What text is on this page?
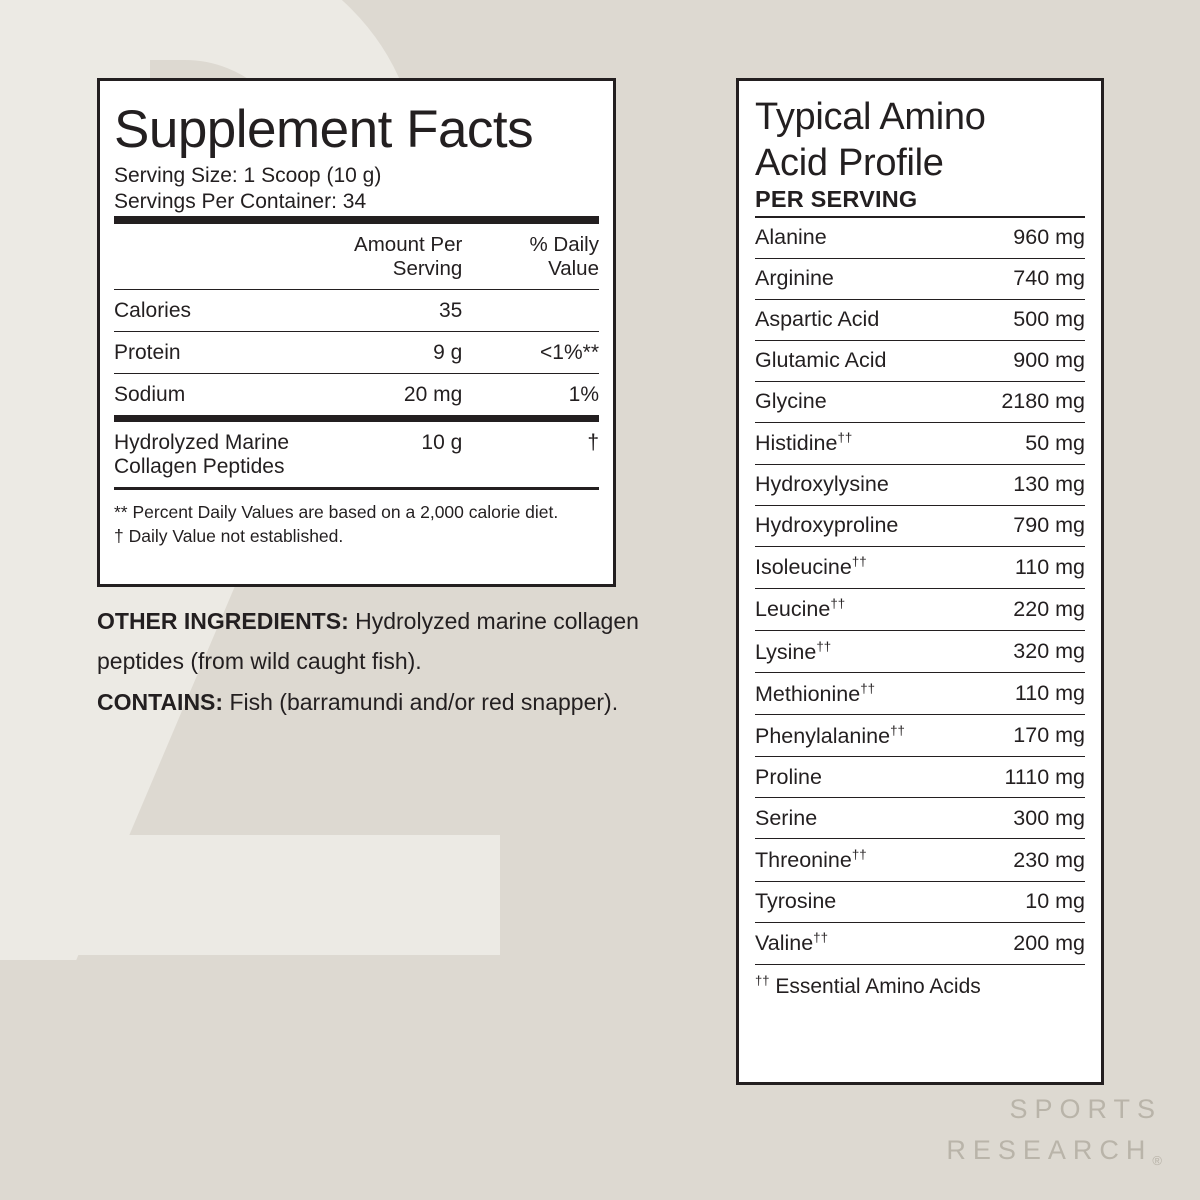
Supplement Facts
Serving Size: 1 Scoop (10 g)
Servings Per Container: 34
	Amount Per Serving	% Daily Value
Calories	35	
Protein	9 g	<1%**
Sodium	20 mg	1%
Hydrolyzed Marine
Collagen Peptides	10 g	†
** Percent Daily Values are based on a 2,000 calorie diet.
† Daily Value not established.

OTHER INGREDIENTS: Hydrolyzed marine collagen peptides (from wild caught fish).

CONTAINS: Fish (barramundi and/or red snapper).

Typical Amino
Acid Profile
PER SERVING
Alanine	960 mg
Arginine	740 mg
Aspartic Acid	500 mg
Glutamic Acid	900 mg
Glycine	2180 mg
Histidine††	50 mg
Hydroxylysine	130 mg
Hydroxyproline	790 mg
Isoleucine††	110 mg
Leucine††	220 mg
Lysine††	320 mg
Methionine††	110 mg
Phenylalanine††	170 mg
Proline	1110 mg
Serine	300 mg
Threonine††	230 mg
Tyrosine	10 mg
Valine††	200 mg
†† Essential Amino Acids
SPORTS
RESEARCH®
